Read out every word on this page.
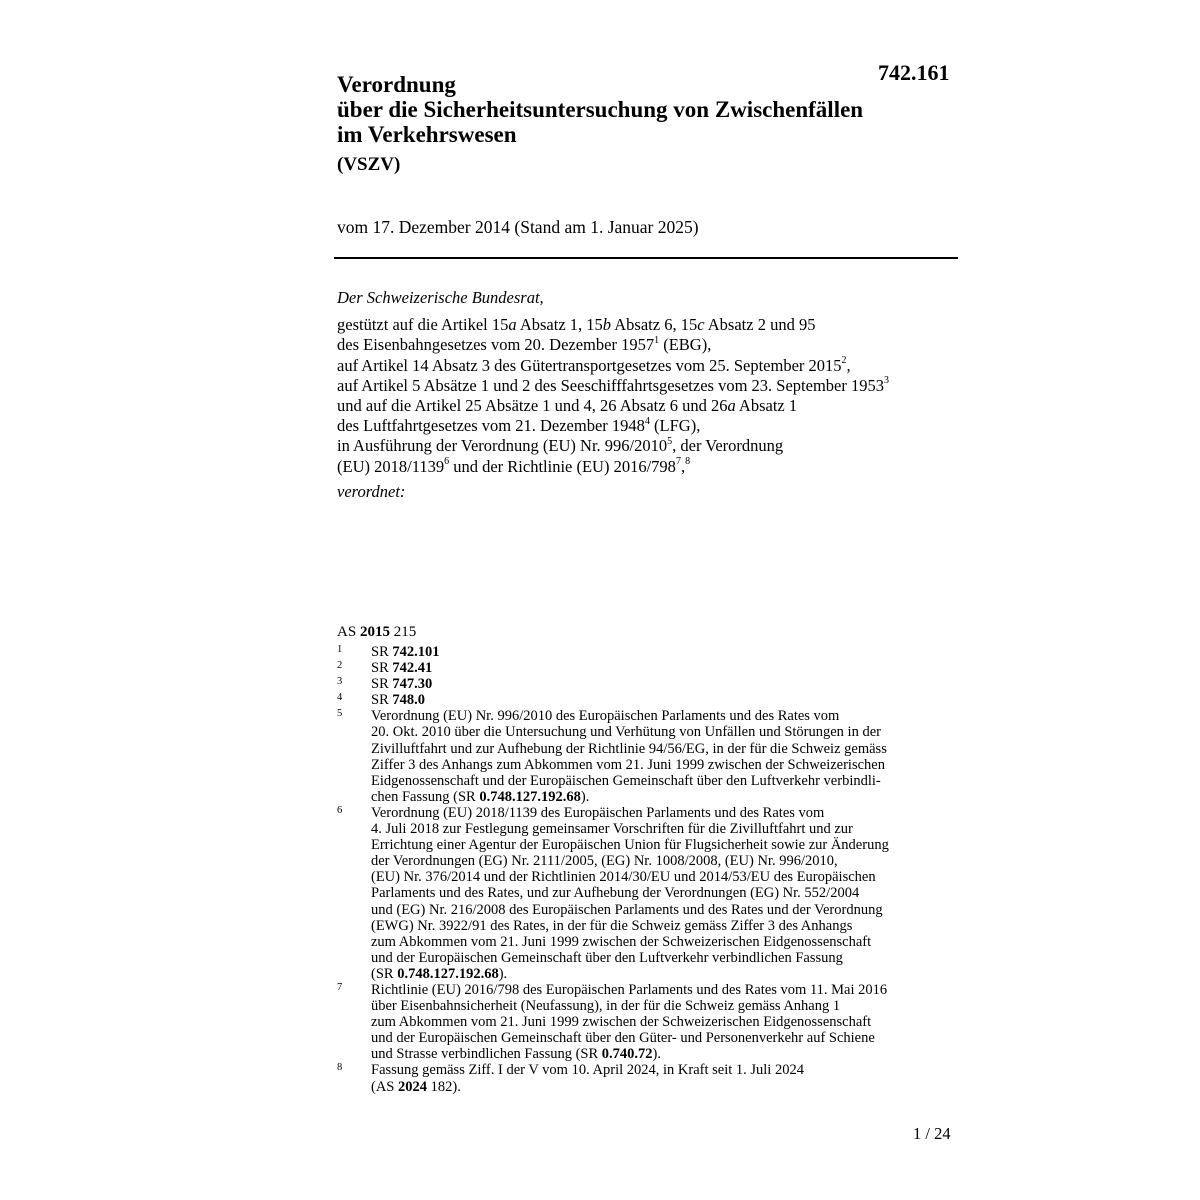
742.161
Verordnung
über die Sicherheitsuntersuchung von Zwischenfällen
im Verkehrswesen
(VSZV)
vom 17. Dezember 2014 (Stand am 1. Januar 2025)

Der Schweizerische Bundesrat,

gestützt auf die Artikel 15a Absatz 1, 15b Absatz 6, 15c Absatz 2 und 95

des Eisenbahngesetzes vom 20. Dezember 1957$^1$ (EBG),

auf Artikel 14 Absatz 3 des Gütertransportgesetzes vom 25. September 2015$^2$,

auf Artikel 5 Absätze 1 und 2 des Seeschifffahrtsgesetzes vom 23. September 1953$^3$

und auf die Artikel 25 Absätze 1 und 4, 26 Absatz 6 und 26a Absatz 1

des Luftfahrtgesetzes vom 21. Dezember 1948$^4$ (LFG),

in Ausführung der Verordnung (EU) Nr. 996/2010$^5$, der Verordnung

(EU) 2018/1139$^6$ und der Richtlinie (EU) $2016/798^7,^8$

verordnet:

AS 2015 215
1	SR 742.101
2	SR 742.41
3	SR 747.30
4	SR 748.0
5	Verordnung (EU) Nr. 996/2010 des Europäischen Parlaments und des Rates vom
20. Okt. 2010 über die Untersuchung und Verhütung von Unfällen und Störungen in der
Zivilluftfahrt und zur Aufhebung der Richtlinie 94/56/EG, in der für die Schweiz gemäss
Ziffer 3 des Anhangs zum Abkommen vom 21. Juni 1999 zwischen der Schweizerischen
Eidgenossenschaft und der Europäischen Gemeinschaft über den Luftverkehr verbindli-
chen Fassung (SR 0.748.127.192.68).
6	Verordnung (EU) 2018/1139 des Europäischen Parlaments und des Rates vom
4. Juli 2018 zur Festlegung gemeinsamer Vorschriften für die Zivilluftfahrt und zur
Errichtung einer Agentur der Europäischen Union für Flugsicherheit sowie zur Änderung
der Verordnungen (EG) Nr. 2111/2005, (EG) Nr. 1008/2008, (EU) Nr. 996/2010,
(EU) Nr. 376/2014 und der Richtlinien 2014/30/EU und 2014/53/EU des Europäischen
Parlaments und des Rates, und zur Aufhebung der Verordnungen (EG) Nr. 552/2004
und (EG) Nr. 216/2008 des Europäischen Parlaments und des Rates und der Verordnung
(EWG) Nr. 3922/91 des Rates, in der für die Schweiz gemäss Ziffer 3 des Anhangs
zum Abkommen vom 21. Juni 1999 zwischen der Schweizerischen Eidgenossenschaft
und der Europäischen Gemeinschaft über den Luftverkehr verbindlichen Fassung
(SR 0.748.127.192.68).
7	Richtlinie (EU) 2016/798 des Europäischen Parlaments und des Rates vom 11. Mai 2016
über Eisenbahnsicherheit (Neufassung), in der für die Schweiz gemäss Anhang 1
zum Abkommen vom 21. Juni 1999 zwischen der Schweizerischen Eidgenossenschaft
und der Europäischen Gemeinschaft über den Güter- und Personenverkehr auf Schiene
und Strasse verbindlichen Fassung (SR 0.740.72).
8	Fassung gemäss Ziff. I der V vom 10. April 2024, in Kraft seit 1. Juli 2024
(AS 2024 182).
1 / 24
